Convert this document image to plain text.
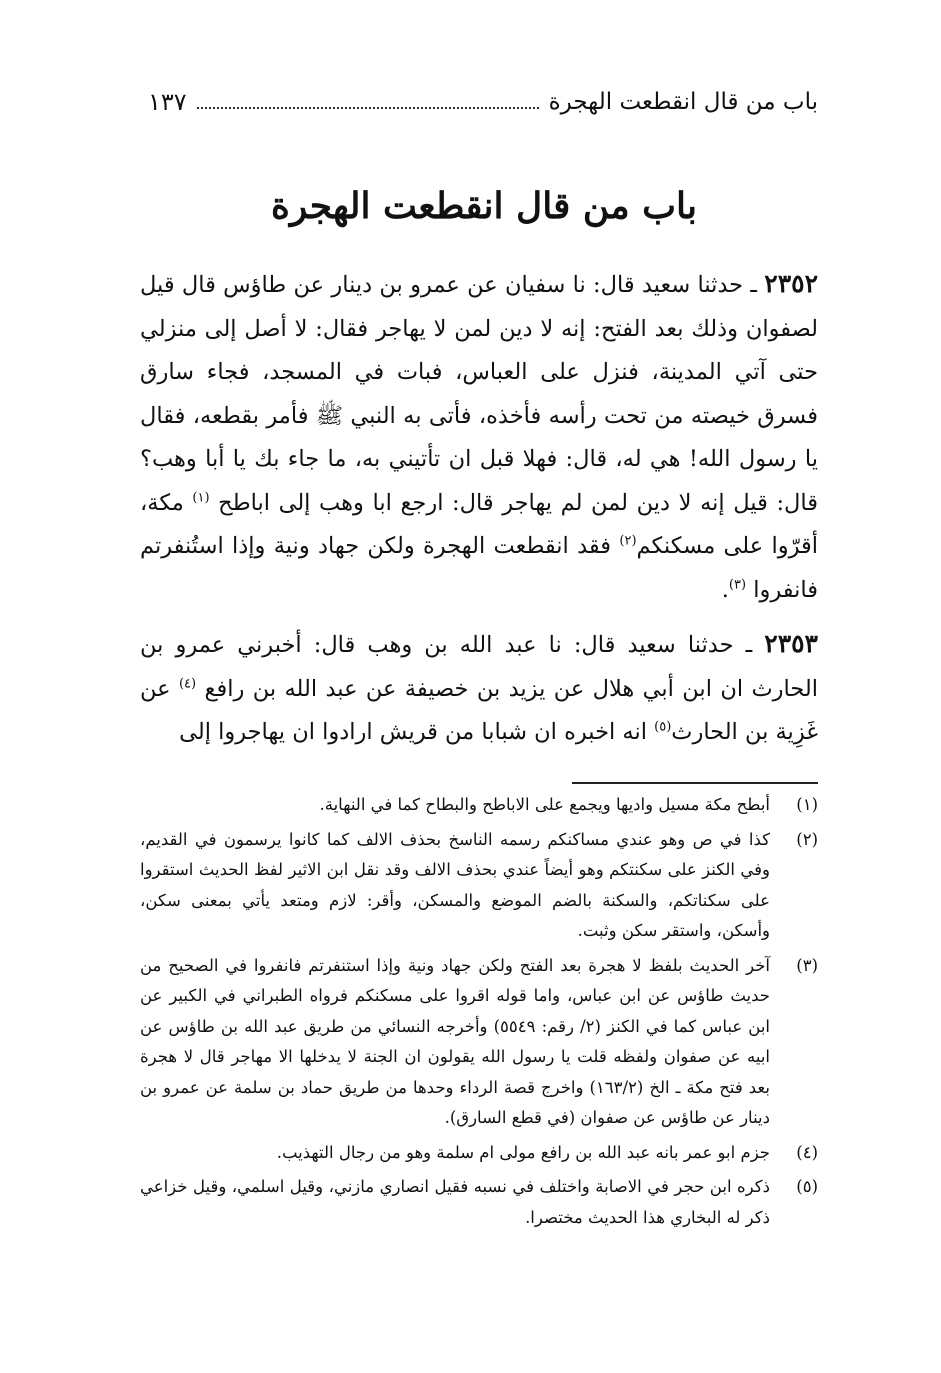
باب من قال انقطعت الهجرة
١٣٧
باب من قال انقطعت الهجرة

٢٣٥٢ ـ حدثنا سعيد قال: نا سفيان عن عمرو بن دينار عن طاؤس قال قيل لصفوان وذلك بعد الفتح: إنه لا دين لمن لا يهاجر فقال: لا أصل إلى منزلي حتى آتي المدينة، فنزل على العباس، فبات في المسجد، فجاء سارق فسرق خيصته من تحت رأسه فأخذه، فأتى به النبي ﷺ فأمر بقطعه، فقال يا رسول الله! هي له، قال: فهلا قبل ان تأتيني به، ما جاء بك يا أبا وهب؟ قال: قيل إنه لا دين لمن لم يهاجر قال: ارجع ابا وهب إلى اباطح $^{(١)}$ مكة، أقرّوا على مسكنكم$^{(٢)}$ فقد انقطعت الهجرة ولكن جهاد ونية وإذا استُنفرتم فانفروا $^{(٣)}$.

٢٣٥٣ ـ حدثنا سعيد قال: نا عبد الله بن وهب قال: أخبرني عمرو بن الحارث ان ابن أبي هلال عن يزيد بن خصيفة عن عبد الله بن رافع $^{(٤)}$ عن غَزِية بن الحارث$^{(٥)}$ انه اخبره ان شبابا من قريش ارادوا ان يهاجروا إلى

(١)
أبطح مكة مسيل واديها ويجمع على الاباطح والبطاح كما في النهاية.
(٢)
كذا في ص وهو عندي مساكنكم رسمه الناسخ بحذف الالف كما كانوا يرسمون في القديم، وفي الكنز على سكنتكم وهو أيضاً عندي بحذف الالف وقد نقل ابن الاثير لفظ الحديث استقروا على سكناتكم، والسكنة بالضم الموضع والمسكن، وأقر: لازم ومتعد يأتي بمعنى سكن، وأسكن، واستقر سكن وثبت.
(٣)
آخر الحديث بلفظ لا هجرة بعد الفتح ولكن جهاد ونية وإذا استنفرتم فانفروا في الصحيح من حديث طاؤس عن ابن عباس، واما قوله اقروا على مسكنكم فرواه الطبراني في الكبير عن ابن عباس كما في الكنز (٢/ رقم: ٥٥٤٩) وأخرجه النسائي من طريق عبد الله بن طاؤس عن ابيه عن صفوان ولفظه قلت يا رسول الله يقولون ان الجنة لا يدخلها الا مهاجر قال لا هجرة بعد فتح مكة ـ الخ (١٦٣/٢) واخرج قصة الرداء وحدها من طريق حماد بن سلمة عن عمرو بن دينار عن طاؤس عن صفوان (في قطع السارق).
(٤)
جزم ابو عمر بانه عبد الله بن رافع مولى ام سلمة وهو من رجال التهذيب.
(٥)
ذكره ابن حجر في الاصابة واختلف في نسبه فقيل انصاري مازني، وقيل اسلمي، وقيل خزاعي ذكر له البخاري هذا الحديث مختصرا.
